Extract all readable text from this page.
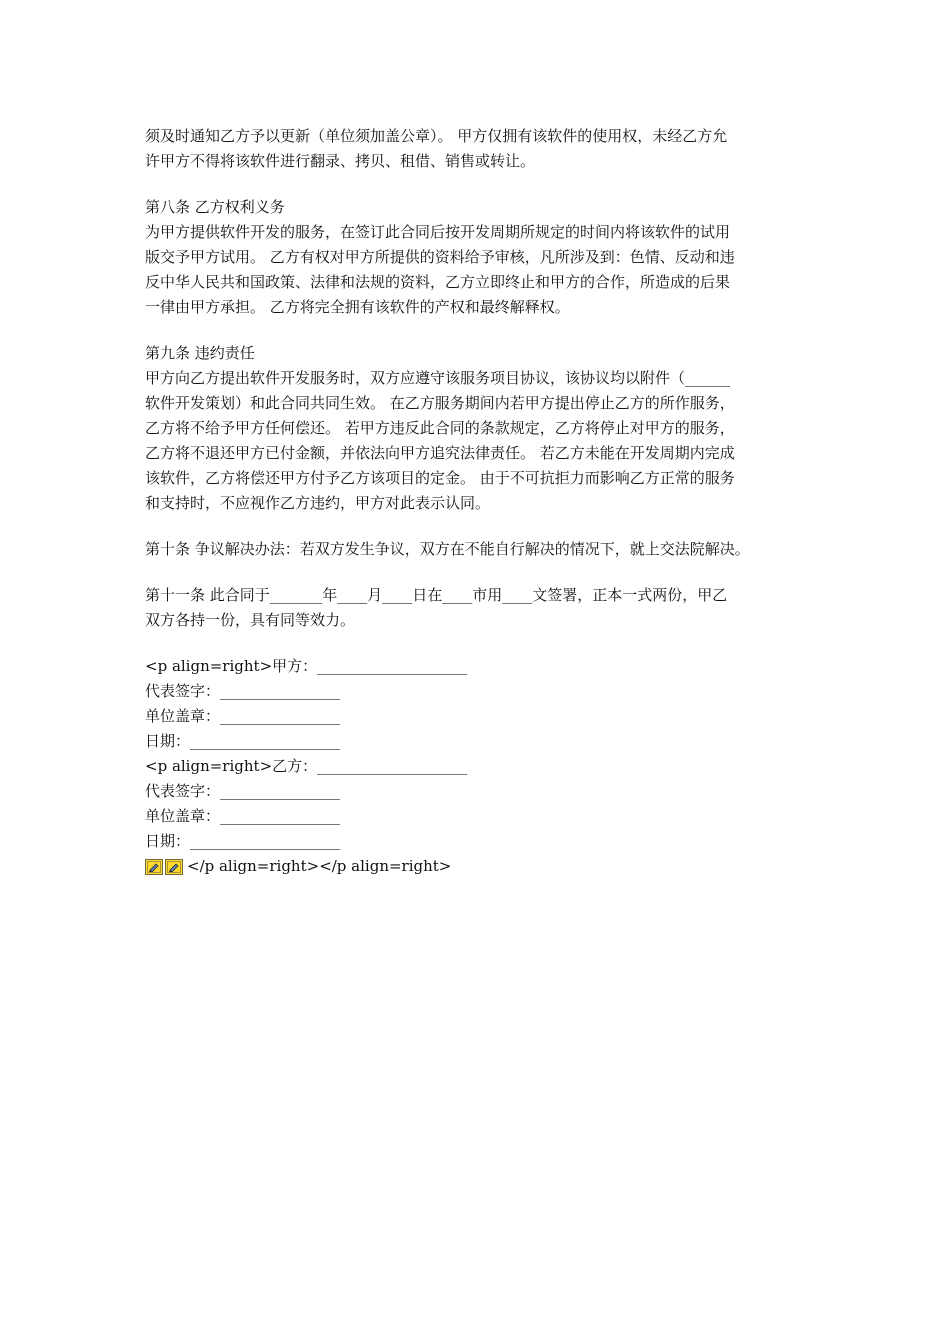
须及时通知乙方予以更新（单位须加盖公章）。 甲方仅拥有该软件的使用权，未经乙方允
许甲方不得将该软件进行翻录、拷贝、租借、销售或转让。
第八条 乙方权利义务
为甲方提供软件开发的服务，在签订此合同后按开发周期所规定的时间内将该软件的试用
版交予甲方试用。 乙方有权对甲方所提供的资料给予审核，凡所涉及到：色情、反动和违
反中华人民共和国政策、法律和法规的资料，乙方立即终止和甲方的合作，所造成的后果
一律由甲方承担。 乙方将完全拥有该软件的产权和最终解释权。
第九条 违约责任
甲方向乙方提出软件开发服务时，双方应遵守该服务项目协议，该协议均以附件（______
软件开发策划）和此合同共同生效。 在乙方服务期间内若甲方提出停止乙方的所作服务，
乙方将不给予甲方任何偿还。 若甲方违反此合同的条款规定，乙方将停止对甲方的服务，
乙方将不退还甲方已付金额，并依法向甲方追究法律责任。 若乙方未能在开发周期内完成
该软件，乙方将偿还甲方付予乙方该项目的定金。 由于不可抗拒力而影响乙方正常的服务
和支持时，不应视作乙方违约，甲方对此表示认同。
第十条 争议解决办法：若双方发生争议，双方在不能自行解决的情况下，就上交法院解决。
第十一条 此合同于_______年____月____日在____市用____文签署，正本一式两份，甲乙
双方各持一份，具有同等效力。
<p align=right>甲方：____________________
代表签字：________________
单位盖章：________________
日期：____________________
<p align=right>乙方：____________________
代表签字：________________
单位盖章：________________
日期：____________________

</p align=right></p align=right>
